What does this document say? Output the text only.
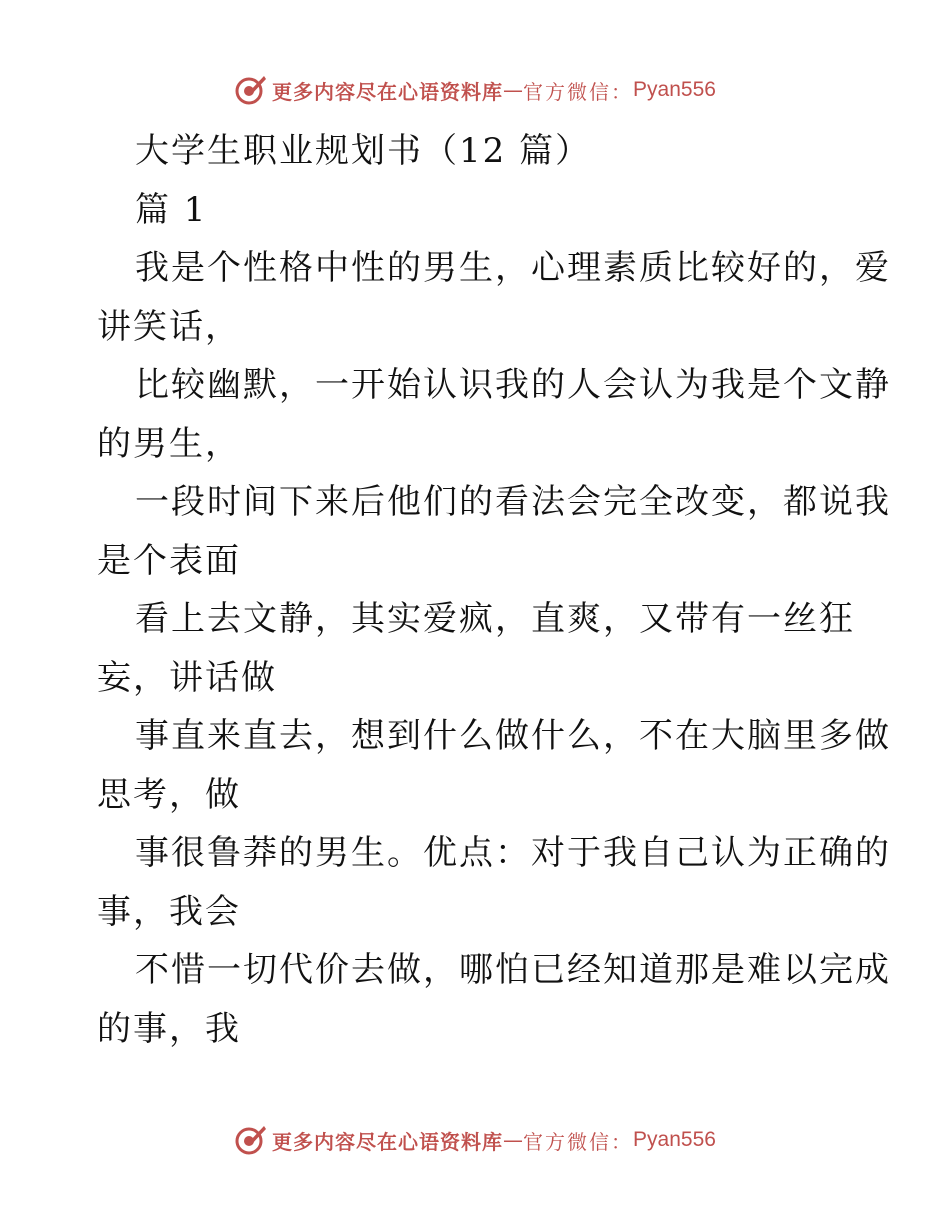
更多内容尽在心语资料库 — 官方微信： Pyan556
大学生职业规划书（12 篇）
篇 1
我是个性格中性的男生，心理素质比较好的，爱
讲笑话，
比较幽默，一开始认识我的人会认为我是个文静
的男生，
一段时间下来后他们的看法会完全改变，都说我
是个表面
看上去文静，其实爱疯，直爽，又带有一丝狂
妄，讲话做
事直来直去，想到什么做什么，不在大脑里多做
思考，做
事很鲁莽的男生。优点：对于我自己认为正确的
事，我会
不惜一切代价去做，哪怕已经知道那是难以完成
的事，我
更多内容尽在心语资料库 — 官方微信： Pyan556
